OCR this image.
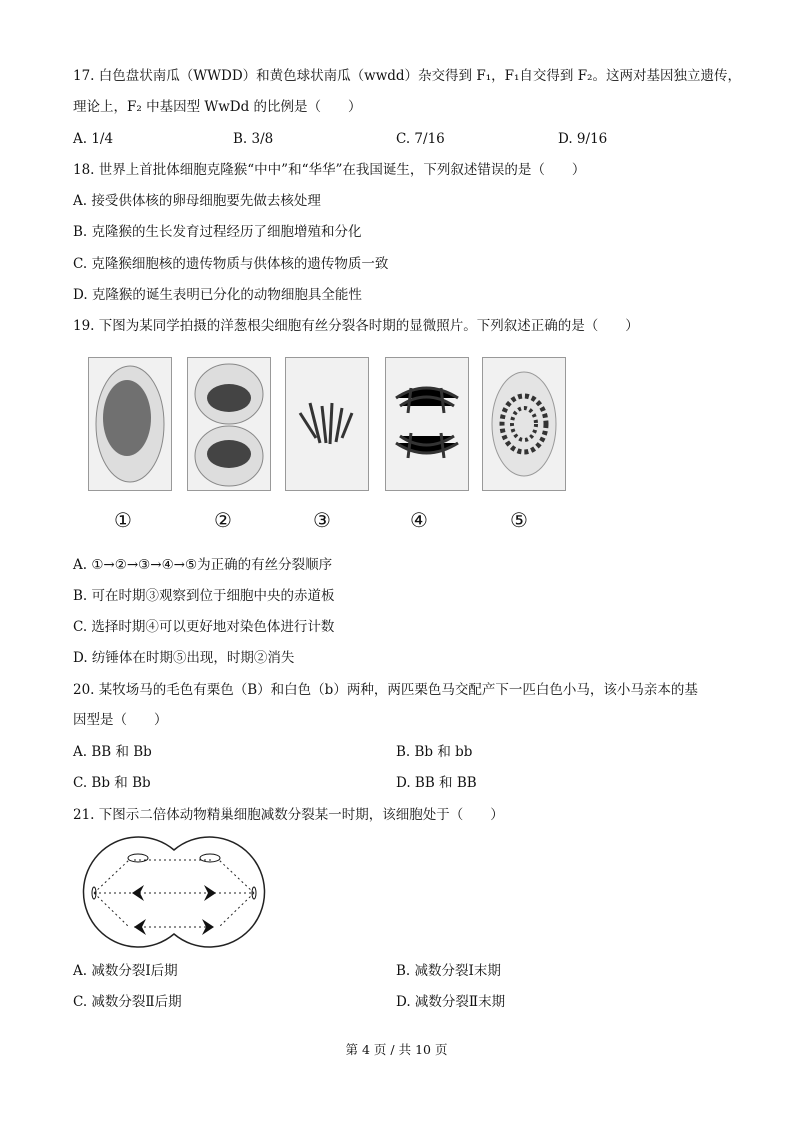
17. 白色盘状南瓜（WWDD）和黄色球状南瓜（wwdd）杂交得到 F₁，F₁自交得到 F₂。这两对基因独立遗传，
理论上，F₂ 中基因型 WwDd 的比例是（　　）
A. 1/4	B. 3/8	C. 7/16	D. 9/16
18. 世界上首批体细胞克隆猴“中中”和“华华”在我国诞生，下列叙述错误的是（　　）
A. 接受供体核的卵母细胞要先做去核处理
B. 克隆猴的生长发育过程经历了细胞增殖和分化
C. 克隆猴细胞核的遗传物质与供体核的遗传物质一致
D. 克隆猴的诞生表明已分化的动物细胞具全能性
19. 下图为某同学拍摄的洋葱根尖细胞有丝分裂各时期的显微照片。下列叙述正确的是（　　）
①	②	③	④	⑤
A. ①→②→③→④→⑤为正确的有丝分裂顺序
B. 可在时期③观察到位于细胞中央的赤道板
C. 选择时期④可以更好地对染色体进行计数
D. 纺锤体在时期⑤出现，时期②消失
20. 某牧场马的毛色有栗色（B）和白色（b）两种，两匹栗色马交配产下一匹白色小马，该小马亲本的基
因型是（　　）
A. BB 和 Bb	B. Bb 和 bb
C. Bb 和 Bb	D. BB 和 BB
21. 下图示二倍体动物精巢细胞减数分裂某一时期，该细胞处于（　　）
A. 减数分裂Ⅰ后期	B. 减数分裂Ⅰ末期
C. 减数分裂Ⅱ后期	D. 减数分裂Ⅱ末期
第 4 页 / 共 10 页
